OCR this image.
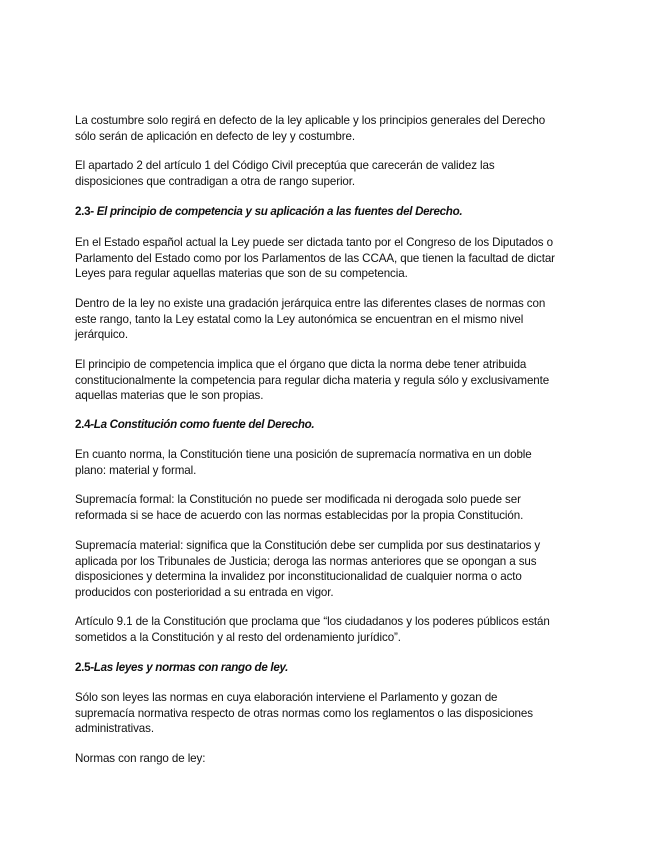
La costumbre solo regirá en defecto de la ley aplicable y los principios generales del Derecho
sólo serán de aplicación en defecto de ley y costumbre.
El apartado 2 del artículo 1 del Código Civil preceptúa que carecerán de validez las
disposiciones que contradigan a otra de rango superior.
2.3- El principio de competencia y su aplicación a las fuentes del Derecho.
En el Estado español actual la Ley puede ser dictada tanto por el Congreso de los Diputados o
Parlamento del Estado como por los Parlamentos de las CCAA, que tienen la facultad de dictar
Leyes para regular aquellas materias que son de su competencia.
Dentro de la ley no existe una gradación jerárquica entre las diferentes clases de normas con
este rango, tanto la Ley estatal como la Ley autonómica se encuentran en el mismo nivel
jerárquico.
El principio de competencia implica que el órgano que dicta la norma debe tener atribuida
constitucionalmente la competencia para regular dicha materia y regula sólo y exclusivamente
aquellas materias que le son propias.
2.4-La Constitución como fuente del Derecho.
En cuanto norma, la Constitución tiene una posición de supremacía normativa en un doble
plano: material y formal.
Supremacía formal: la Constitución no puede ser modificada ni derogada solo puede ser
reformada si se hace de acuerdo con las normas establecidas por la propia Constitución.
Supremacía material: significa que la Constitución debe ser cumplida por sus destinatarios y
aplicada por los Tribunales de Justicia; deroga las normas anteriores que se opongan a sus
disposiciones y determina la invalidez por inconstitucionalidad de cualquier norma o acto
producidos con posterioridad a su entrada en vigor.
Artículo 9.1 de la Constitución que proclama que “los ciudadanos y los poderes públicos están
sometidos a la Constitución y al resto del ordenamiento jurídico”.
2.5-Las leyes y normas con rango de ley.
Sólo son leyes las normas en cuya elaboración interviene el Parlamento y gozan de
supremacía normativa respecto de otras normas como los reglamentos o las disposiciones
administrativas.
Normas con rango de ley:
